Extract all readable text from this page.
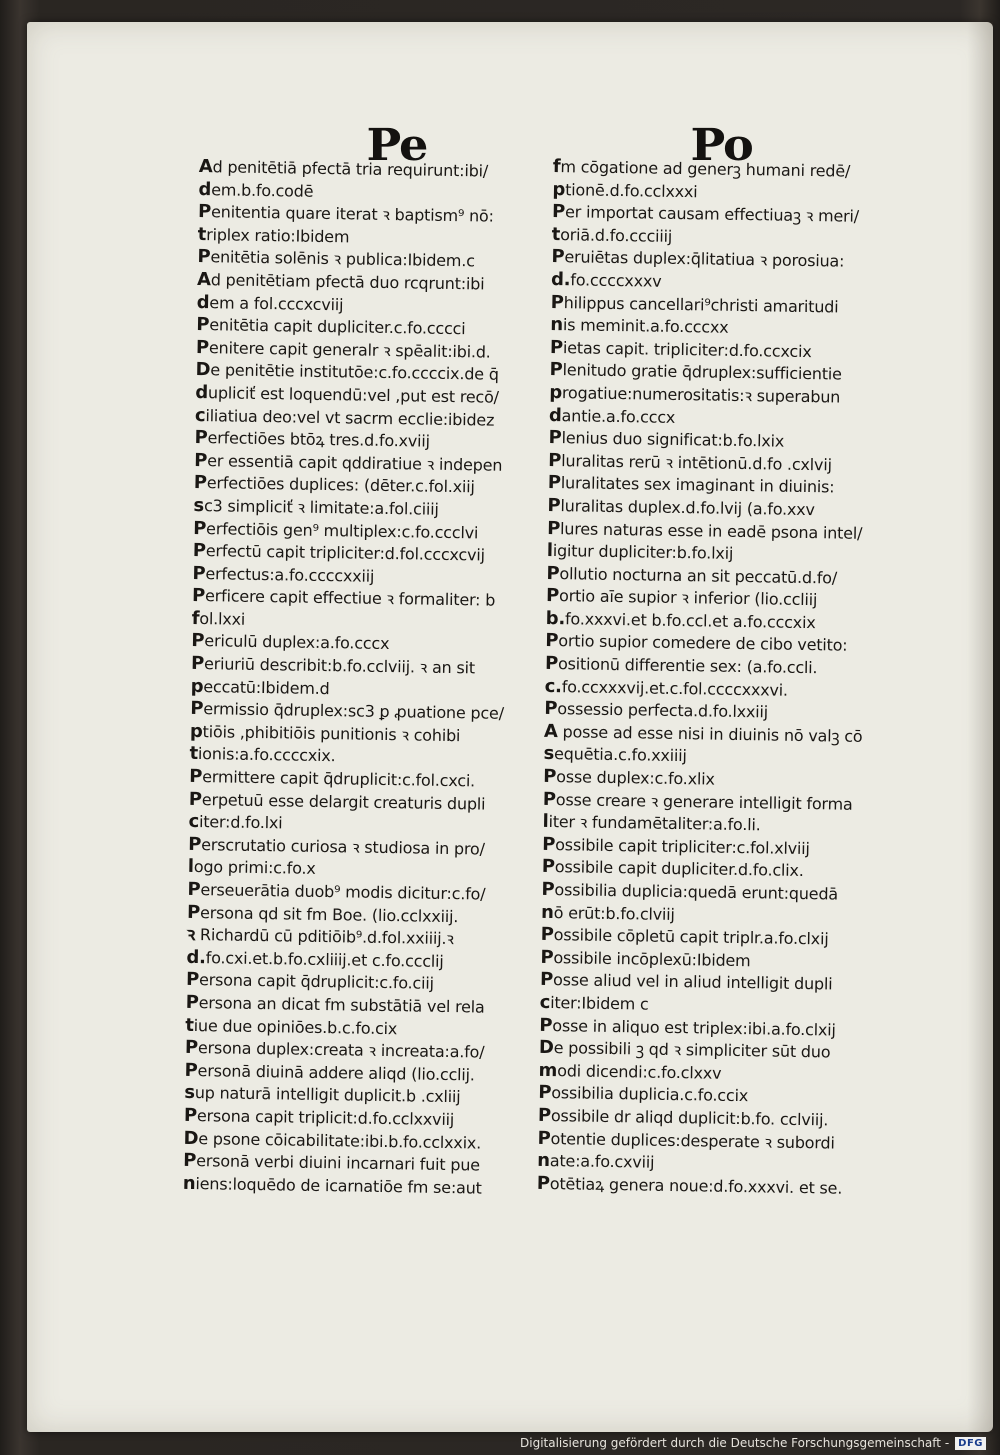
Pe	Po
Ad penitētiā pfectā tria requirunt:ibi/
dem.b.fo.codē
Penitentia quare iterat ꝛ baptism⁹ nō:
triplex ratio:Ibidem
Penitētia solēnis ꝛ publica:Ibidem.c
Ad penitētiam pfectā duo rcqrunt:ibi
dem a fol.cccxcviij
Penitētia capit dupliciter.c.fo.cccci
Penitere capit generalr ꝛ spēalit:ibi.d.
De penitētie institutōe:c.fo.ccccix.de q̄
dupliciť est loquendū:vel ,put est recō/
ciliatiua deo:vel vt sacrm ecclie:ibidez
Perfectiōes btōꝝ tres.d.fo.xviij
Per essentiā capit qddiratiue ꝛ indepen
Perfectiōes duplices: (dēter.c.fol.xiij
sc3 simpliciť ꝛ limitate:a.fol.ciiij
Perfectiōis gen⁹ multiplex:c.fo.ccclvi
Perfectū capit tripliciter:d.fol.cccxcvij
Perfectus:a.fo.ccccxxiij
Perficere capit effectiue ꝛ formaliter: b
fol.lxxi
Periculū duplex:a.fo.cccx
Periuriū describit:b.fo.cclviij. ꝛ an sit
peccatū:Ibidem.d
Permissio q̄druplex:sc3 ꝑ ꝓuatione pce/
ptiōis ,phibitiōis punitionis ꝛ cohibi
tionis:a.fo.ccccxix.
Permittere capit q̄druplicit:c.fol.cxci.
Perpetuū esse delargit creaturis dupli
citer:d.fo.lxi
Perscrutatio curiosa ꝛ studiosa in pro/
logo primi:c.fo.x
Perseuerātia duob⁹ modis dicitur:c.fo/
Persona qd sit fm Boe. (lio.cclxxiij.
ꝛ Richardū cū pditiōib⁹.d.fol.xxiiij.ꝛ
d.fo.cxi.et.b.fo.cxliiij.et c.fo.ccclij
Persona capit q̄druplicit:c.fo.ciij
Persona an dicat fm substātiā vel rela
tiue due opiniōes.b.c.fo.cix
Persona duplex:creata ꝛ increata:a.fo/
Personā diuinā addere aliqd (lio.cclij.
sup naturā intelligit duplicit.b .cxliij
Persona capit triplicit:d.fo.cclxxviij
De psone cōicabilitate:ibi.b.fo.cclxxix.
Personā verbi diuini incarnari fuit pue
niens:loquēdo de icarnatiōe fm se:aut
fm cōgatione ad generꝫ humani redē/
ptionē.d.fo.cclxxxi
Per importat causam effectiuaꝫ ꝛ meri/
toriā.d.fo.ccciiij
Peruiētas duplex:q̄litatiua ꝛ porosiua:
d.fo.ccccxxxv
Philippus cancellari⁹christi amaritudi
nis meminit.a.fo.cccxx
Pietas capit. tripliciter:d.fo.ccxcix
Plenitudo gratie q̄druplex:sufficientie
progatiue:numerositatis:ꝛ superabun
dantie.a.fo.cccx
Plenius duo significat:b.fo.lxix
Pluralitas rerū ꝛ intētionū.d.fo .cxlvij
Pluralitates sex imaginant in diuinis:
Pluralitas duplex.d.fo.lvij (a.fo.xxv
Plures naturas esse in eadē psona intel/
ligitur dupliciter:b.fo.lxij
Pollutio nocturna an sit peccatū.d.fo/
Portio aīe supior ꝛ inferior (lio.ccliij
b.fo.xxxvi.et b.fo.ccl.et a.fo.cccxix
Portio supior comedere de cibo vetito:
Positionū differentie sex: (a.fo.ccli.
c.fo.ccxxxvij.et.c.fol.ccccxxxvi.
Possessio perfecta.d.fo.lxxiij
A posse ad esse nisi in diuinis nō valꝫ cō
sequētia.c.fo.xxiiij
Posse duplex:c.fo.xlix
Posse creare ꝛ generare intelligit forma
liter ꝛ fundamētaliter:a.fo.li.
Possibile capit tripliciter:c.fol.xlviij
Possibile capit dupliciter.d.fo.clix.
Possibilia duplicia:quedā erunt:quedā
nō erūt:b.fo.clviij
Possibile cōpletū capit triplr.a.fo.clxij
Possibile incōplexū:Ibidem
Posse aliud vel in aliud intelligit dupli
citer:Ibidem c
Posse in aliquo est triplex:ibi.a.fo.clxij
De possibili ꝫ qd ꝛ simpliciter sūt duo
modi dicendi:c.fo.clxxv
Possibilia duplicia.c.fo.ccix
Possibile dr aliqd duplicit:b.fo. cclviij.
Potentie duplices:desperate ꝛ subordi
nate:a.fo.cxviij
Potētiaꝝ genera noue:d.fo.xxxvi. et se.
Digitalisierung gefördert durch die Deutsche Forschungsgemeinschaft - DFG
